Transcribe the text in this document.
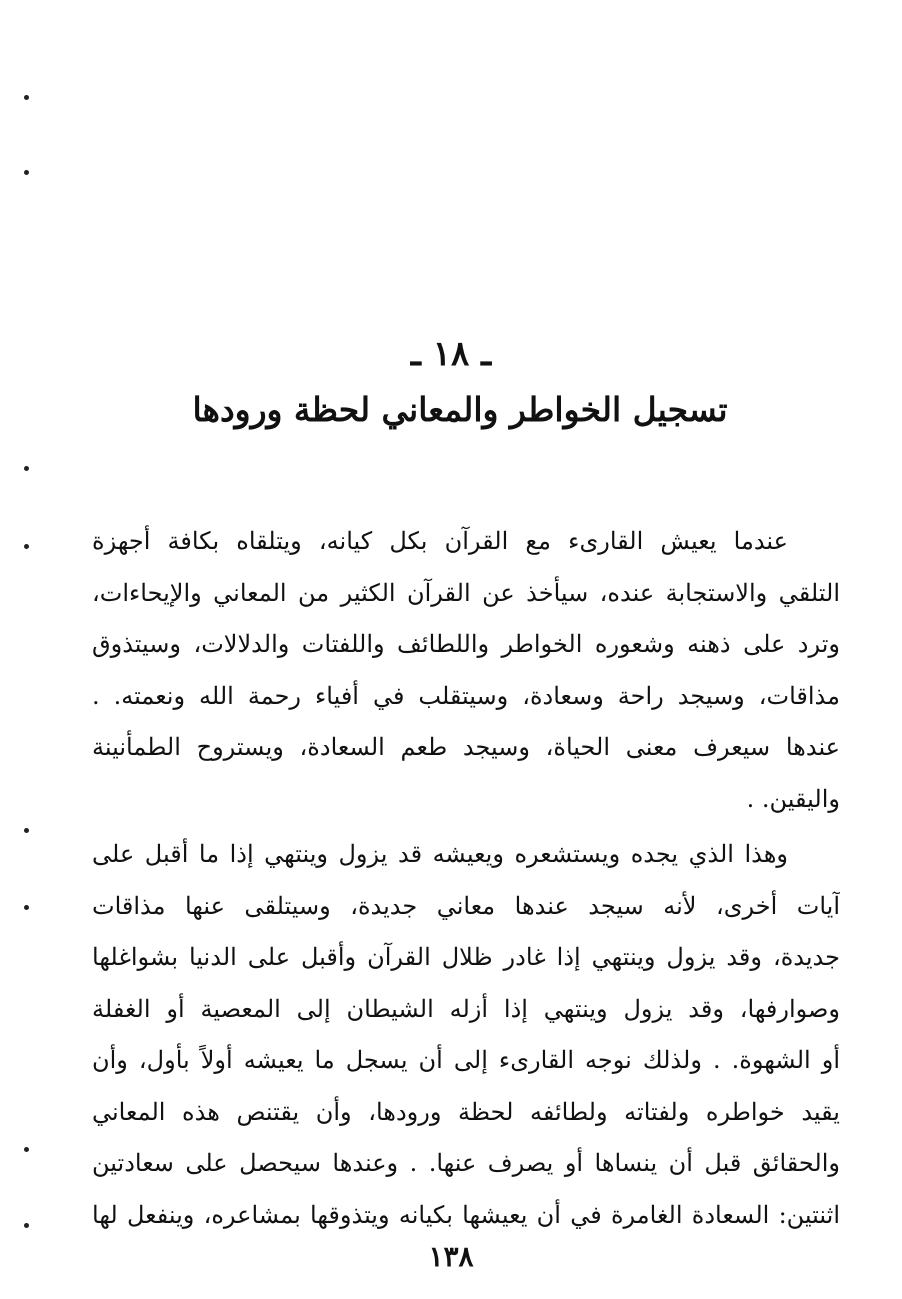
ـ ١٨ ـ
تسجيل الخواطر والمعاني لحظة ورودها
عندما يعيش القارىء مع القرآن بكل كيانه، ويتلقاه بكافة أجهزة
التلقي والاستجابة عنده، سيأخذ عن القرآن الكثير من المعاني والإيحاءات،
وترد على ذهنه وشعوره الخواطر واللطائف واللفتات والدلالات، وسيتذوق
مذاقات، وسيجد راحة وسعادة، وسيتقلب في أفياء رحمة الله ونعمته. .
عندها سيعرف معنى الحياة، وسيجد طعم السعادة، ويستروح الطمأنينة
واليقين. .
وهذا الذي يجده ويستشعره ويعيشه قد يزول وينتهي إذا ما أقبل على
آيات أخرى، لأنه سيجد عندها معاني جديدة، وسيتلقى عنها مذاقات
جديدة، وقد يزول وينتهي إذا غادر ظلال القرآن وأقبل على الدنيا بشواغلها
وصوارفها، وقد يزول وينتهي إذا أزله الشيطان إلى المعصية أو الغفلة
أو الشهوة. . ولذلك نوجه القارىء إلى أن يسجل ما يعيشه أولاً بأول، وأن
يقيد خواطره ولفتاته ولطائفه لحظة ورودها، وأن يقتنص هذه المعاني
والحقائق قبل أن ينساها أو يصرف عنها. . وعندها سيحصل على سعادتين
اثنتين: السعادة الغامرة في أن يعيشها بكيانه ويتذوقها بمشاعره، وينفعل لها
١٣٨
